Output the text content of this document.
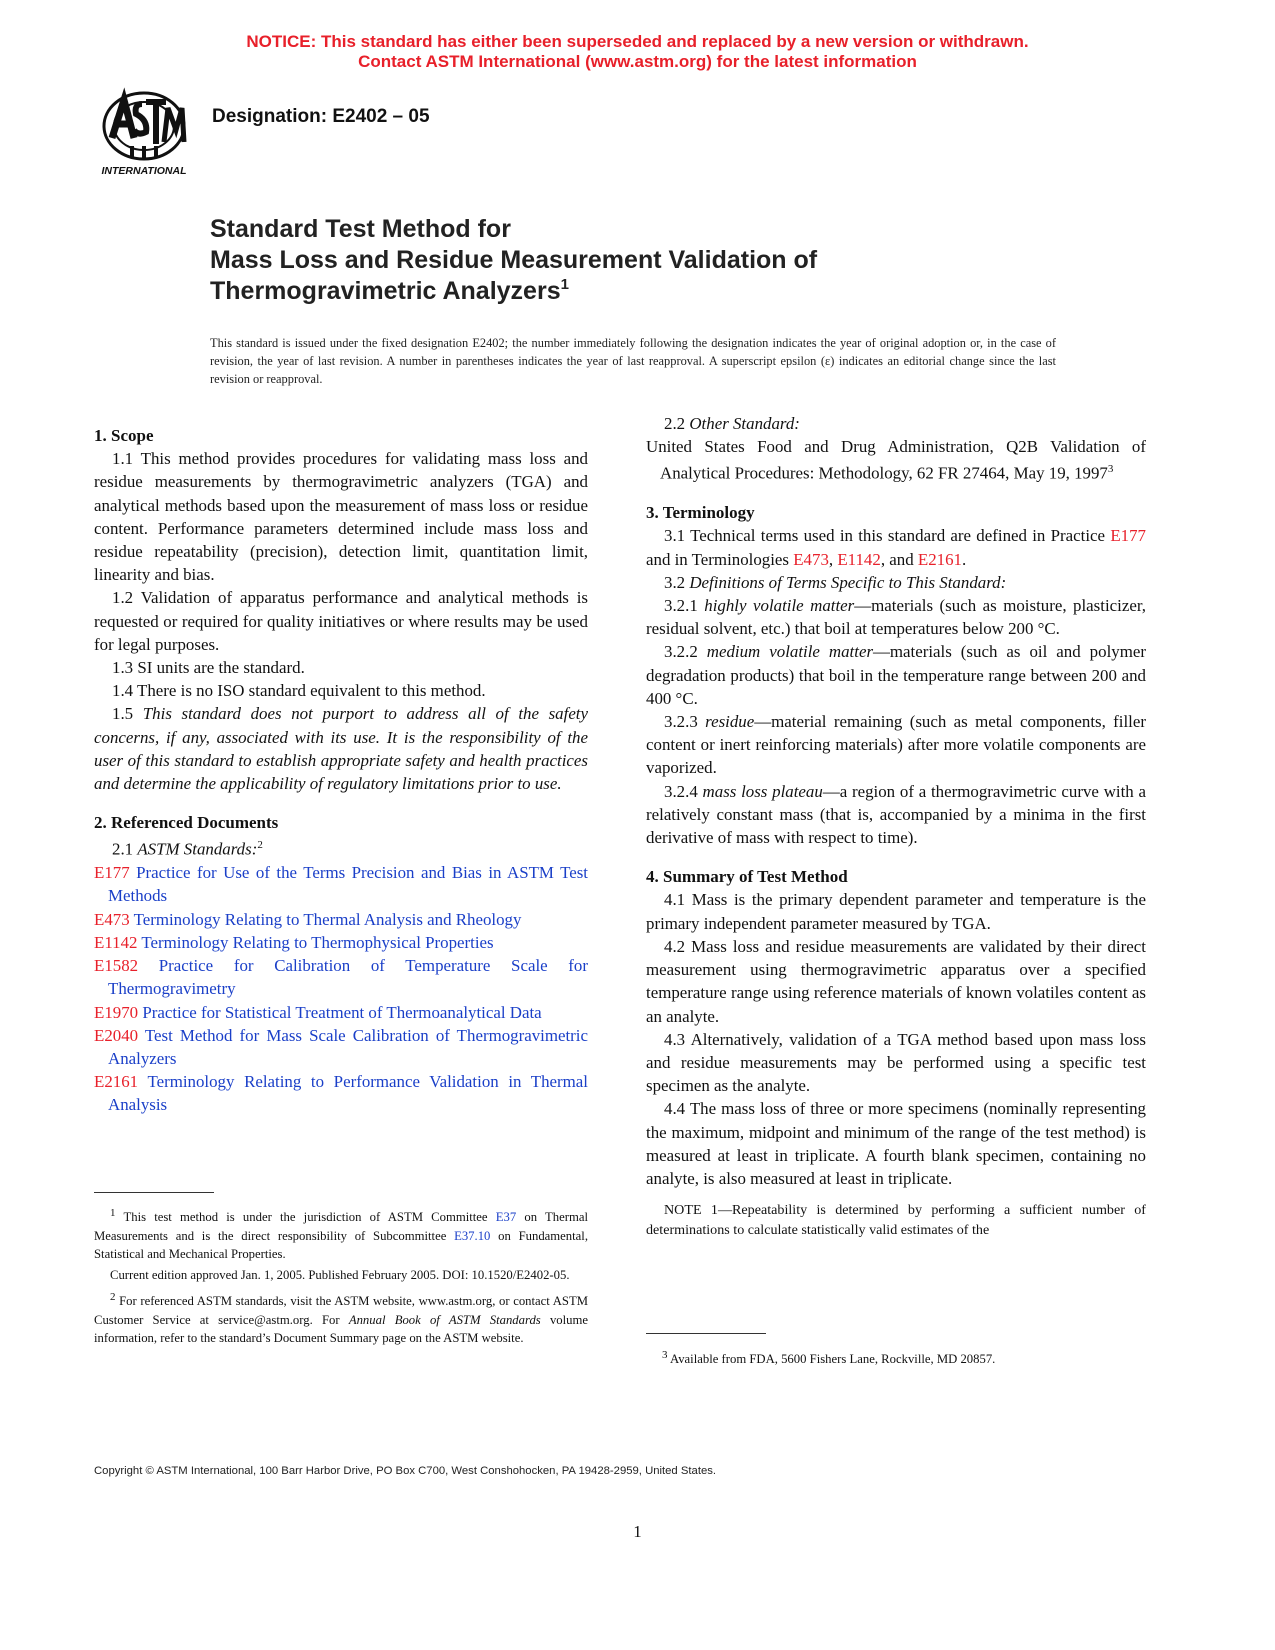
NOTICE: This standard has either been superseded and replaced by a new version or withdrawn.
Contact ASTM International (www.astm.org) for the latest information
INTERNATIONAL
Designation: E2402 – 05
Standard Test Method for
Mass Loss and Residue Measurement Validation of
Thermogravimetric Analyzers$^1$
This standard is issued under the fixed designation E2402; the number immediately following the designation indicates the year of original adoption or, in the case of revision, the year of last revision. A number in parentheses indicates the year of last reapproval. A superscript epsilon (ε) indicates an editorial change since the last revision or reapproval.

1. Scope

1.1 This method provides procedures for validating mass loss and residue measurements by thermogravimetric analyzers (TGA) and analytical methods based upon the measurement of mass loss or residue content. Performance parameters determined include mass loss and residue repeatability (precision), detection limit, quantitation limit, linearity and bias.

1.2 Validation of apparatus performance and analytical methods is requested or required for quality initiatives or where results may be used for legal purposes.

1.3 SI units are the standard.

1.4 There is no ISO standard equivalent to this method.

1.5 This standard does not purport to address all of the safety concerns, if any, associated with its use. It is the responsibility of the user of this standard to establish appropriate safety and health practices and determine the applicability of regulatory limitations prior to use.

2. Referenced Documents

2.1 ASTM Standards:$^2$

E177 Practice for Use of the Terms Precision and Bias in ASTM Test Methods

E473 Terminology Relating to Thermal Analysis and Rheology

E1142 Terminology Relating to Thermophysical Properties

E1582 Practice for Calibration of Temperature Scale for Thermogravimetry

E1970 Practice for Statistical Treatment of Thermoanalytical Data

E2040 Test Method for Mass Scale Calibration of Thermogravimetric Analyzers

E2161 Terminology Relating to Performance Validation in Thermal Analysis

$^1$ This test method is under the jurisdiction of ASTM Committee E37 on Thermal Measurements and is the direct responsibility of Subcommittee E37.10 on Fundamental, Statistical and Mechanical Properties.

Current edition approved Jan. 1, 2005. Published February 2005. DOI: 10.1520/E2402-05.

$^2$ For referenced ASTM standards, visit the ASTM website, www.astm.org, or contact ASTM Customer Service at service@astm.org. For Annual Book of ASTM Standards volume information, refer to the standard’s Document Summary page on the ASTM website.

2.2 Other Standard:

United States Food and Drug Administration, Q2B Validation of Analytical Procedures: Methodology, 62 FR 27464, May 19, 1997$^3$

3. Terminology

3.1 Technical terms used in this standard are defined in Practice E177 and in Terminologies E473, E1142, and E2161.

3.2 Definitions of Terms Specific to This Standard:

3.2.1 highly volatile matter—materials (such as moisture, plasticizer, residual solvent, etc.) that boil at temperatures below 200 °C.

3.2.2 medium volatile matter—materials (such as oil and polymer degradation products) that boil in the temperature range between 200 and 400 °C.

3.2.3 residue—material remaining (such as metal components, filler content or inert reinforcing materials) after more volatile components are vaporized.

3.2.4 mass loss plateau—a region of a thermogravimetric curve with a relatively constant mass (that is, accompanied by a minima in the first derivative of mass with respect to time).

4. Summary of Test Method

4.1 Mass is the primary dependent parameter and temperature is the primary independent parameter measured by TGA.

4.2 Mass loss and residue measurements are validated by their direct measurement using thermogravimetric apparatus over a specified temperature range using reference materials of known volatiles content as an analyte.

4.3 Alternatively, validation of a TGA method based upon mass loss and residue measurements may be performed using a specific test specimen as the analyte.

4.4 The mass loss of three or more specimens (nominally representing the maximum, midpoint and minimum of the range of the test method) is measured at least in triplicate. A fourth blank specimen, containing no analyte, is also measured at least in triplicate.

NOTE 1—Repeatability is determined by performing a sufficient number of determinations to calculate statistically valid estimates of the

$^3$ Available from FDA, 5600 Fishers Lane, Rockville, MD 20857.

Copyright © ASTM International, 100 Barr Harbor Drive, PO Box C700, West Conshohocken, PA 19428-2959, United States.
1
